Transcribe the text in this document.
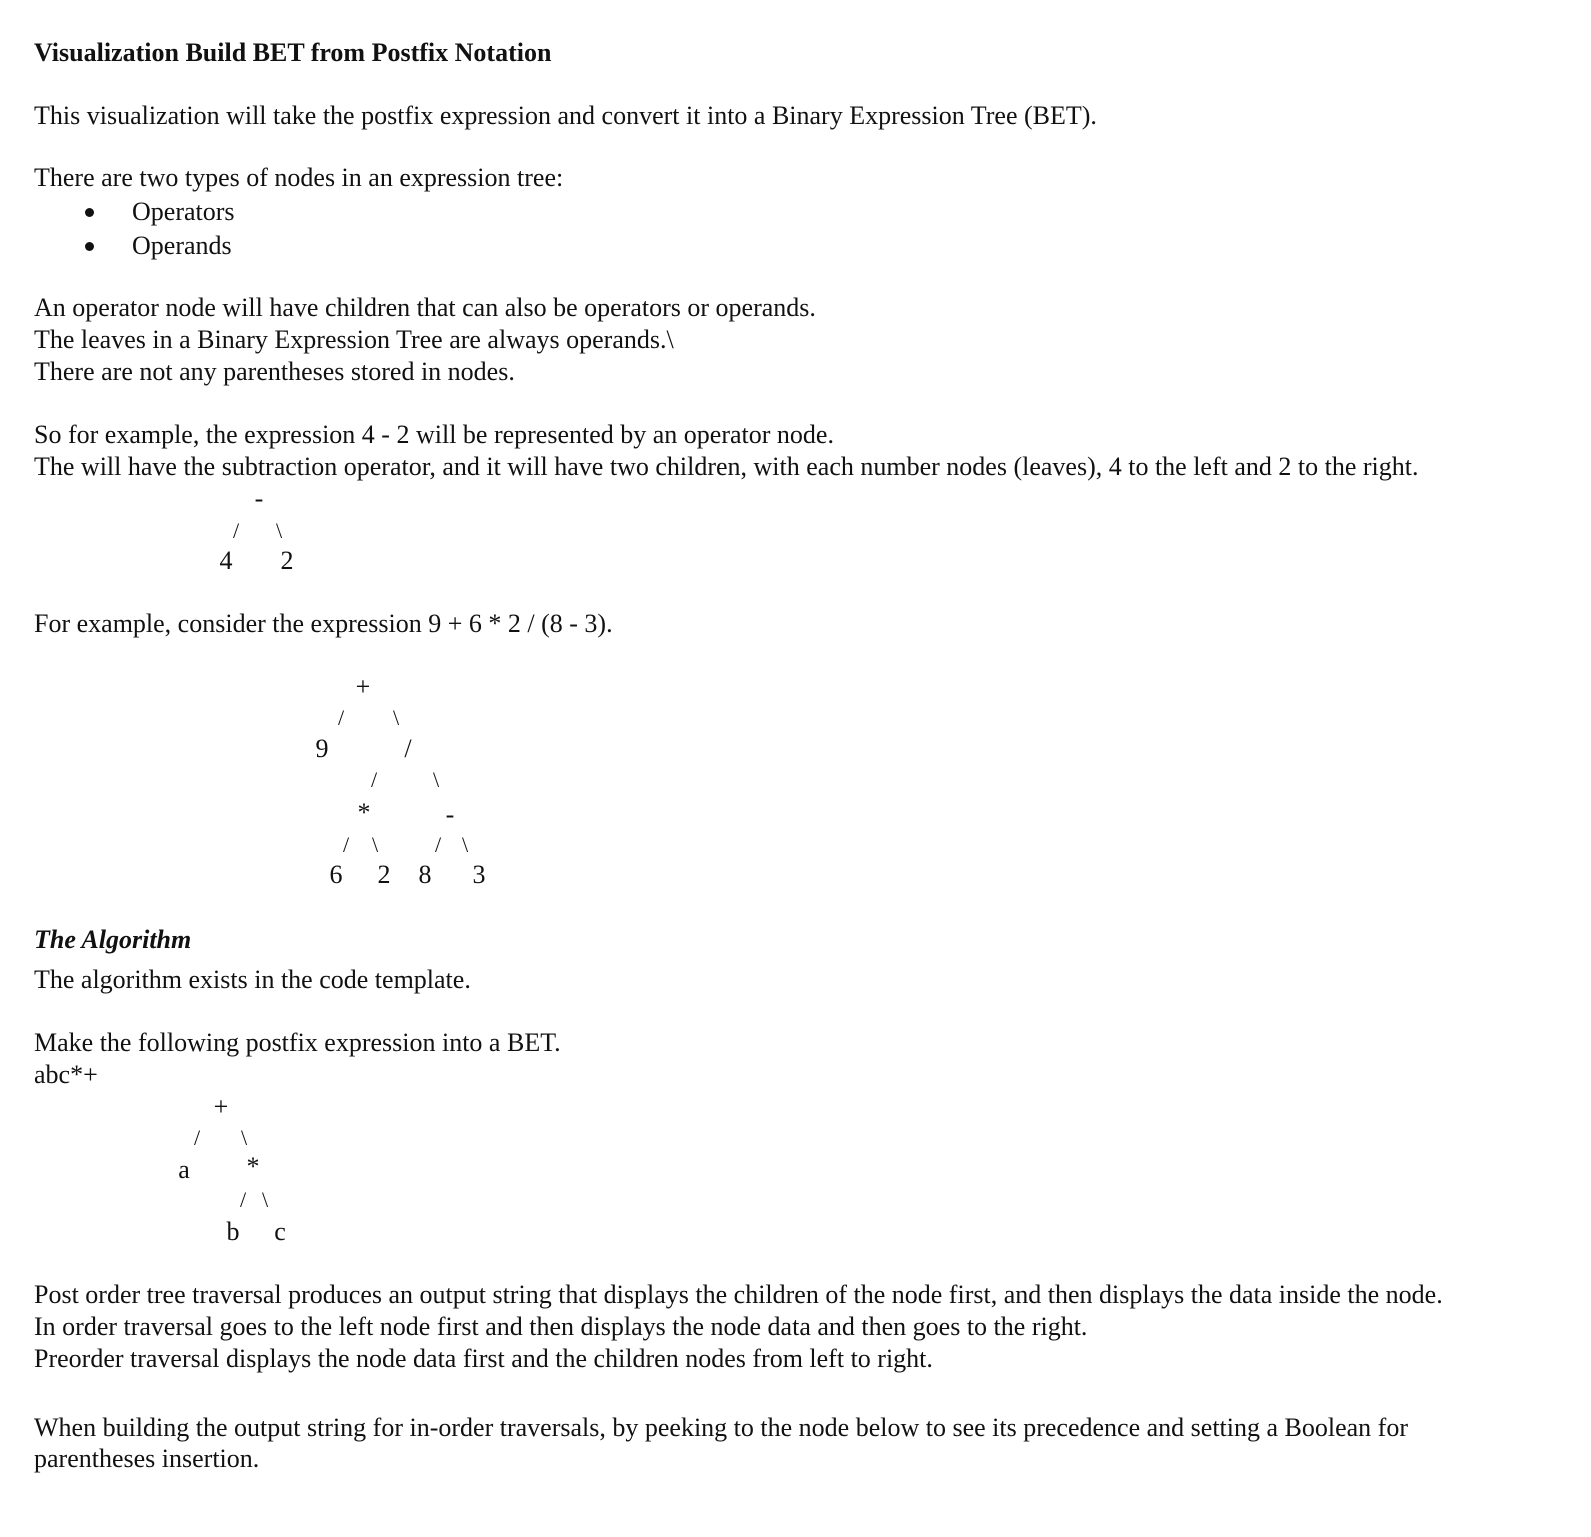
Visualization Build BET from Postfix Notation
This visualization will take the postfix expression and convert it into a Binary Expression Tree (BET).
There are two types of nodes in an expression tree:
Operators
Operands
An operator node will have children that can also be operators or operands.
The leaves in a Binary Expression Tree are always operands.\
There are not any parentheses stored in nodes.
So for example, the expression 4 - 2 will be represented by an operator node.
The will have the subtraction operator, and it will have two children, with each number nodes (leaves), 4 to the left and 2 to the right.
-
/ \
4 2
For example, consider the expression 9 + 6 * 2 / (8 - 3).
+
/ \
9	/
/	\
*	-
/ \	/ \
6 2 8 3
The Algorithm
The algorithm exists in the code template.
Make the following postfix expression into a BET.
abc*+
+
/ \
a *
/ \
b c
Post order tree traversal produces an output string that displays the children of the node first, and then displays the data inside the node.
In order traversal goes to the left node first and then displays the node data and then goes to the right.
Preorder traversal displays the node data first and the children nodes from left to right.
When building the output string for in-order traversals, by peeking to the node below to see its precedence and setting a Boolean for
parentheses insertion.
